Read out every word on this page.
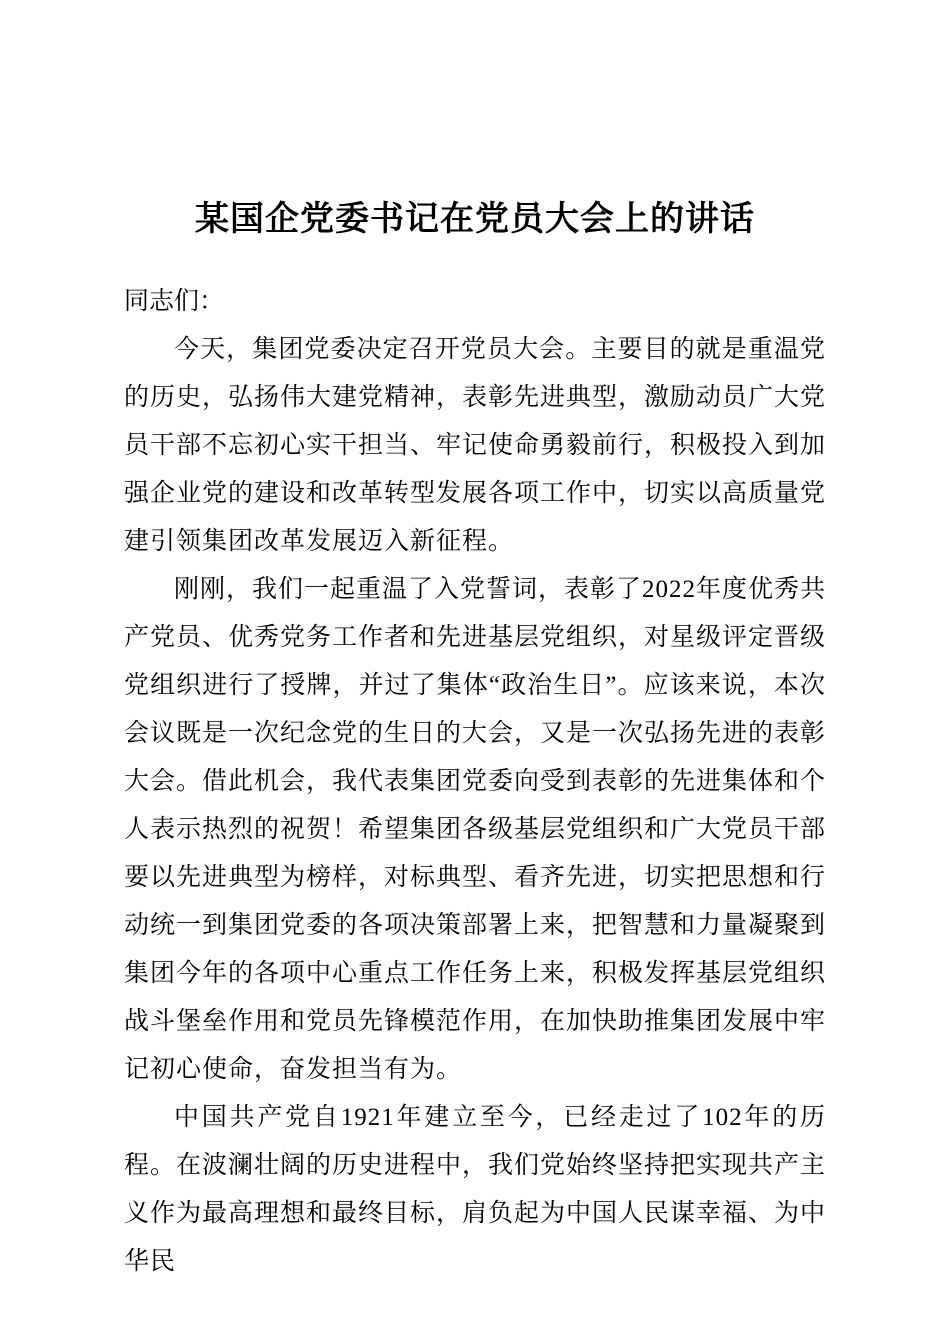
某国企党委书记在党员大会上的讲话

同志们：

今天，集团党委决定召开党员大会。主要目的就是重温党的历史，弘扬伟大建党精神，表彰先进典型，激励动员广大党员干部不忘初心实干担当、牢记使命勇毅前行，积极投入到加强企业党的建设和改革转型发展各项工作中，切实以高质量党建引领集团改革发展迈入新征程。

刚刚，我们一起重温了入党誓词，表彰了2022年度优秀共产党员、优秀党务工作者和先进基层党组织，对星级评定晋级党组织进行了授牌，并过了集体“政治生日”。应该来说，本次会议既是一次纪念党的生日的大会，又是一次弘扬先进的表彰大会。借此机会，我代表集团党委向受到表彰的先进集体和个人表示热烈的祝贺！希望集团各级基层党组织和广大党员干部要以先进典型为榜样，对标典型、看齐先进，切实把思想和行动统一到集团党委的各项决策部署上来，把智慧和力量凝聚到集团今年的各项中心重点工作任务上来，积极发挥基层党组织战斗堡垒作用和党员先锋模范作用，在加快助推集团发展中牢记初心使命，奋发担当有为。

中国共产党自1921年建立至今，已经走过了102年的历程。在波澜壮阔的历史进程中，我们党始终坚持把实现共产主义作为最高理想和最终目标，肩负起为中国人民谋幸福、为中华民
